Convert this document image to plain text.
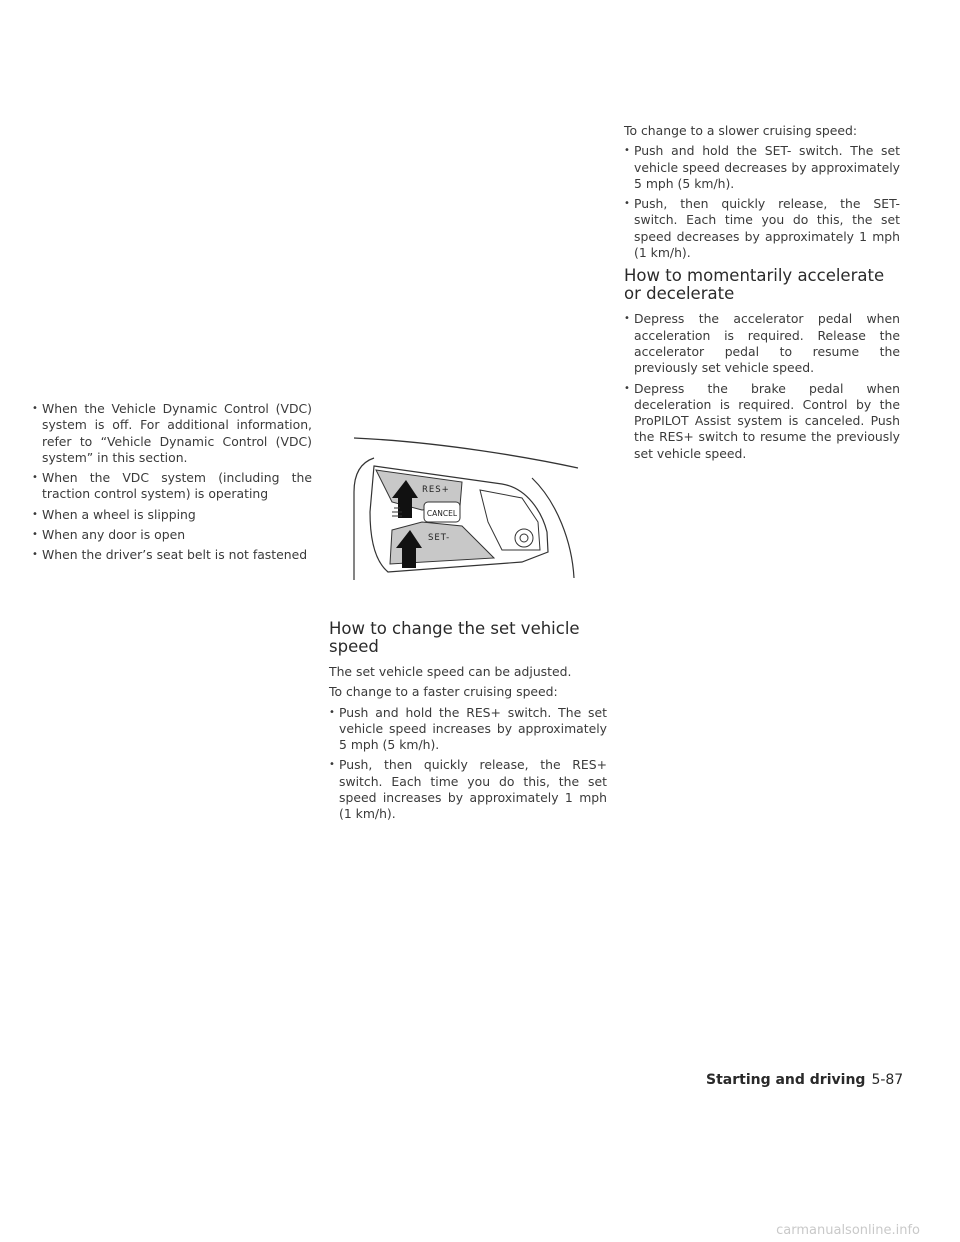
• When the Vehicle Dynamic Control (VDC) system is off. For additional information, refer to “Vehicle Dynamic Control (VDC) system” in this section.
• When the VDC system (including the traction control system) is operating
• When a wheel is slipping
• When any door is open
• When the driver’s seat belt is not fastened
CANCEL
RES+
SET-
How to change the set vehicle speed

The set vehicle speed can be adjusted.

To change to a faster cruising speed:

• Push and hold the RES+ switch. The set vehicle speed increases by approximately 5 mph (5 km/h).
• Push, then quickly release, the RES+ switch. Each time you do this, the set speed increases by approximately 1 mph (1 km/h).

To change to a slower cruising speed:

• Push and hold the SET- switch. The set vehicle speed decreases by approximately 5 mph (5 km/h).
• Push, then quickly release, the SET- switch. Each time you do this, the set speed decreases by approximately 1 mph (1 km/h).
How to momentarily accelerate or decelerate
• Depress the accelerator pedal when acceleration is required. Release the accelerator pedal to resume the previously set vehicle speed.
• Depress the brake pedal when deceleration is required. Control by the ProPILOT Assist system is canceled. Push the RES+ switch to resume the previously set vehicle speed.
Starting and driving 5-87
carmanualsonline.info
